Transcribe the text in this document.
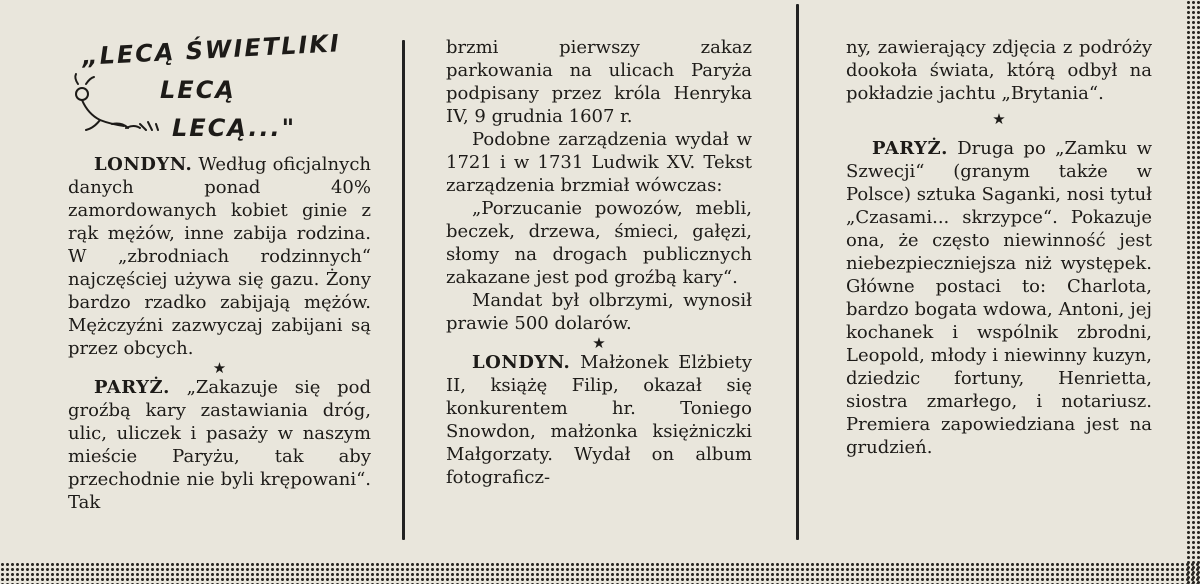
„LECĄ ŚWIETLIKI
LECĄ
LECĄ..."

LONDYN. Według oficjalnych danych ponad 40% zamordowanych kobiet ginie z rąk mężów, inne zabija rodzina. W „zbrodniach rodzinnych“ najczęściej używa się gazu. Żony bardzo rzadko zabijają mężów. Mężczyźni zazwyczaj zabijani są przez obcych.

★

PARYŻ. „Zakazuje się pod groźbą kary zastawiania dróg, ulic, uliczek i pasaży w naszym mieście Paryżu, tak aby przechodnie nie byli krępowani“. Tak

brzmi pierwszy zakaz parkowania na ulicach Paryża podpisany przez króla Henryka IV, 9 grudnia 1607 r.

Podobne zarządzenia wydał w 1721 i w 1731 Ludwik XV. Tekst zarządzenia brzmiał wówczas:

„Porzucanie powozów, mebli, beczek, drzewa, śmieci, gałęzi, słomy na drogach publicznych zakazane jest pod groźbą kary“.

Mandat był olbrzymi, wynosił prawie 500 dolarów.

★

LONDYN. Małżonek Elżbiety II, książę Filip, okazał się konkurentem hr. Toniego Snowdon, małżonka księżniczki Małgorzaty. Wydał on album fotograficz-

ny, zawierający zdjęcia z podróży dookoła świata, którą odbył na pokładzie jachtu „Brytania“.

★

PARYŻ. Druga po „Zamku w Szwecji“ (granym także w Polsce) sztuka Saganki, nosi tytuł „Czasami... skrzypce“. Pokazuje ona, że często niewinność jest niebezpieczniejsza niż występek. Główne postaci to: Charlota, bardzo bogata wdowa, Antoni, jej kochanek i wspólnik zbrodni, Leopold, młody i niewinny kuzyn, dziedzic fortuny, Henrietta, siostra zmarłego, i notariusz. Premiera zapowiedziana jest na grudzień.
